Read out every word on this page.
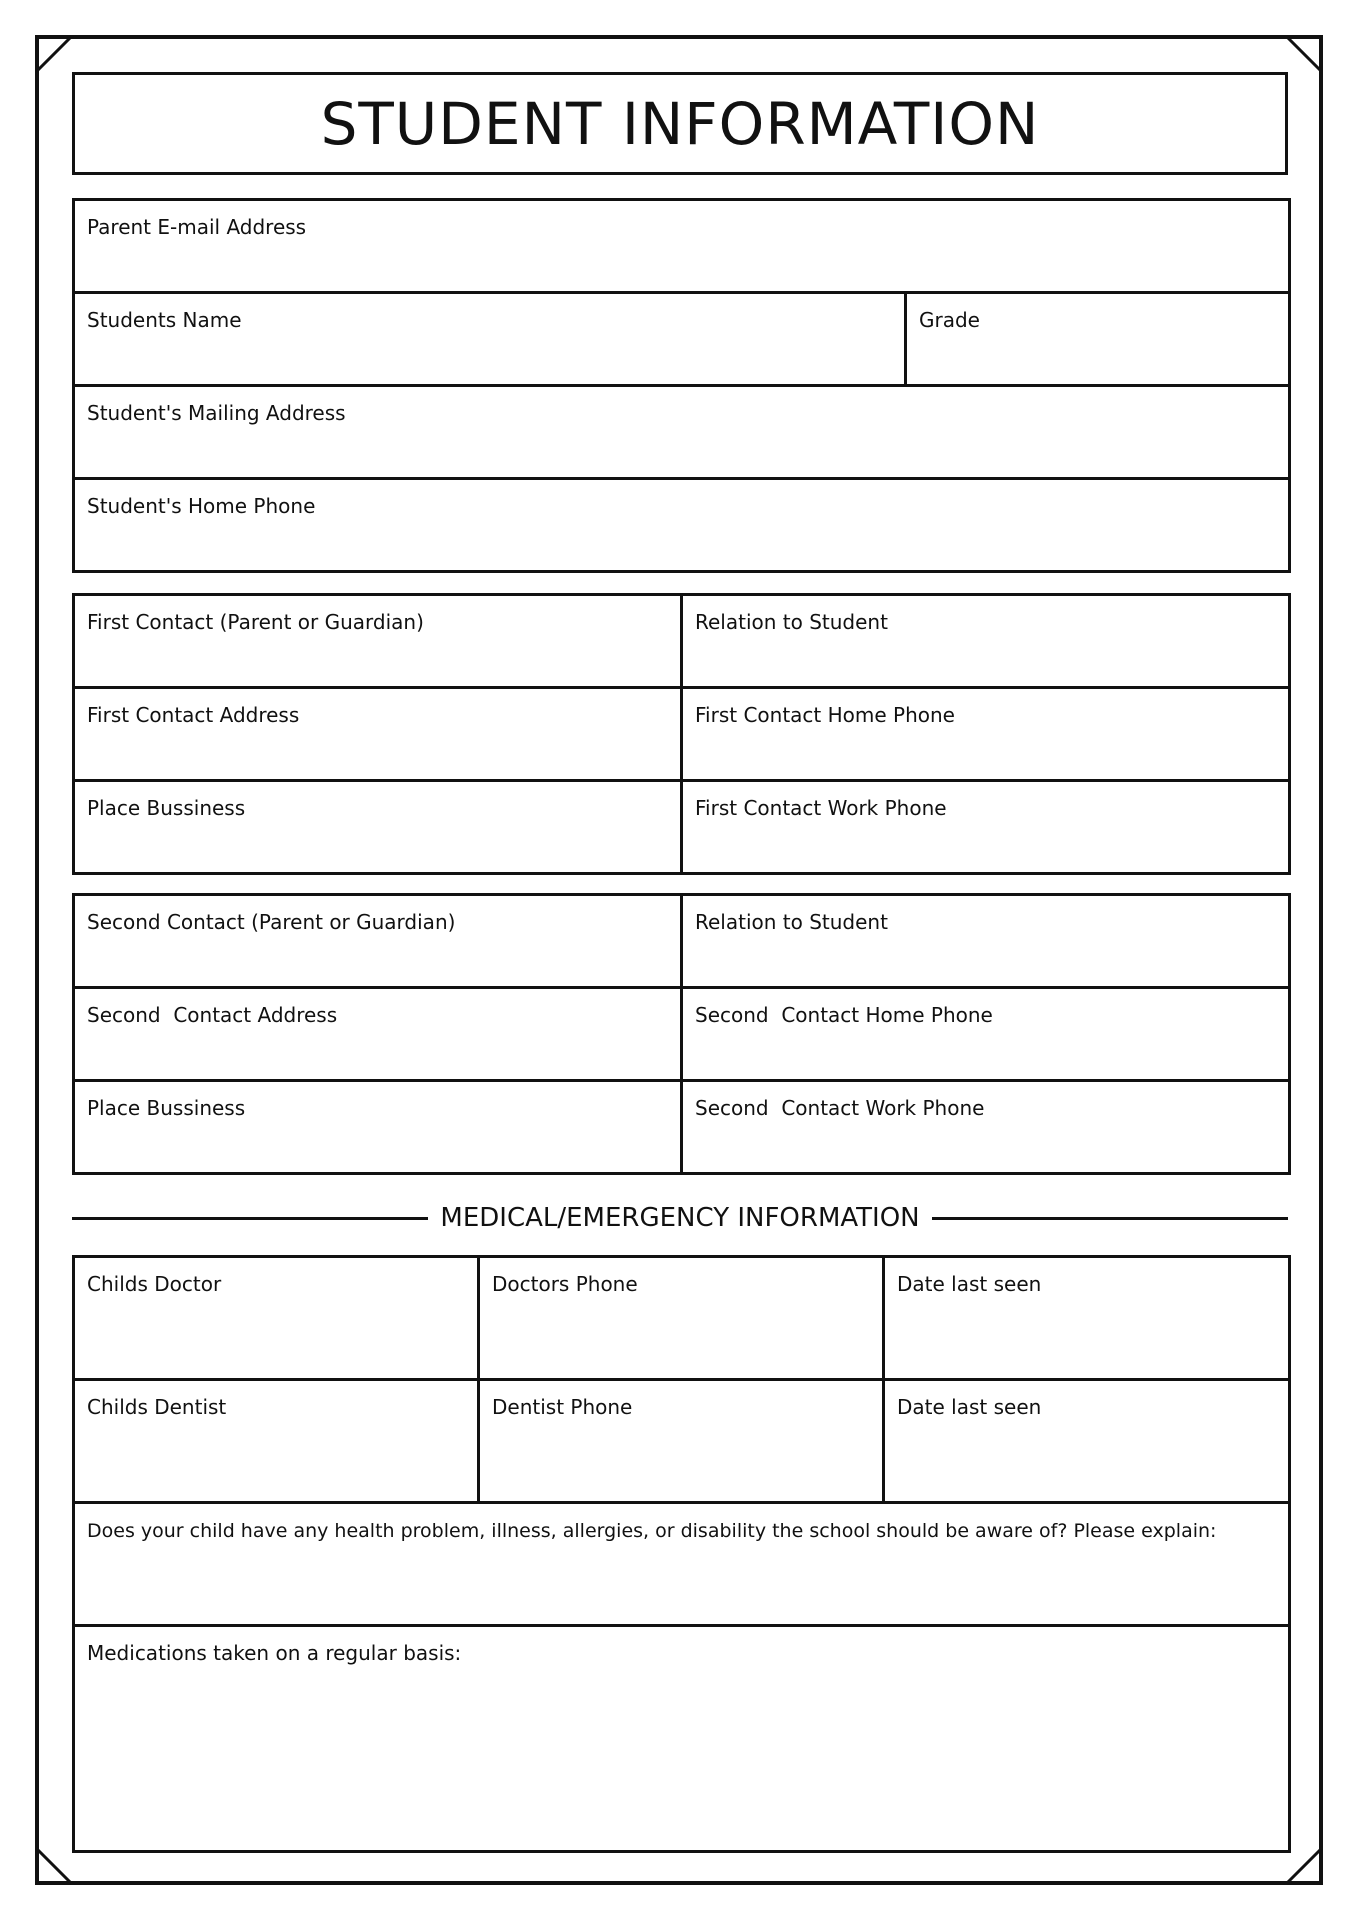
STUDENT INFORMATION
Parent E-mail Address
Students Name	Grade
Student's Mailing Address
Student's Home Phone
First Contact (Parent or Guardian)	Relation to Student
First Contact Address	First Contact Home Phone
Place Bussiness	First Contact Work Phone
Second Contact (Parent or Guardian)	Relation to Student
Second  Contact Address	Second  Contact Home Phone
Place Bussiness	Second  Contact Work Phone
MEDICAL/EMERGENCY INFORMATION
Childs Doctor	Doctors Phone	Date last seen
Childs Dentist	Dentist Phone	Date last seen
Does your child have any health problem, illness, allergies, or disability the school should be aware of? Please explain:		
Medications taken on a regular basis:		
